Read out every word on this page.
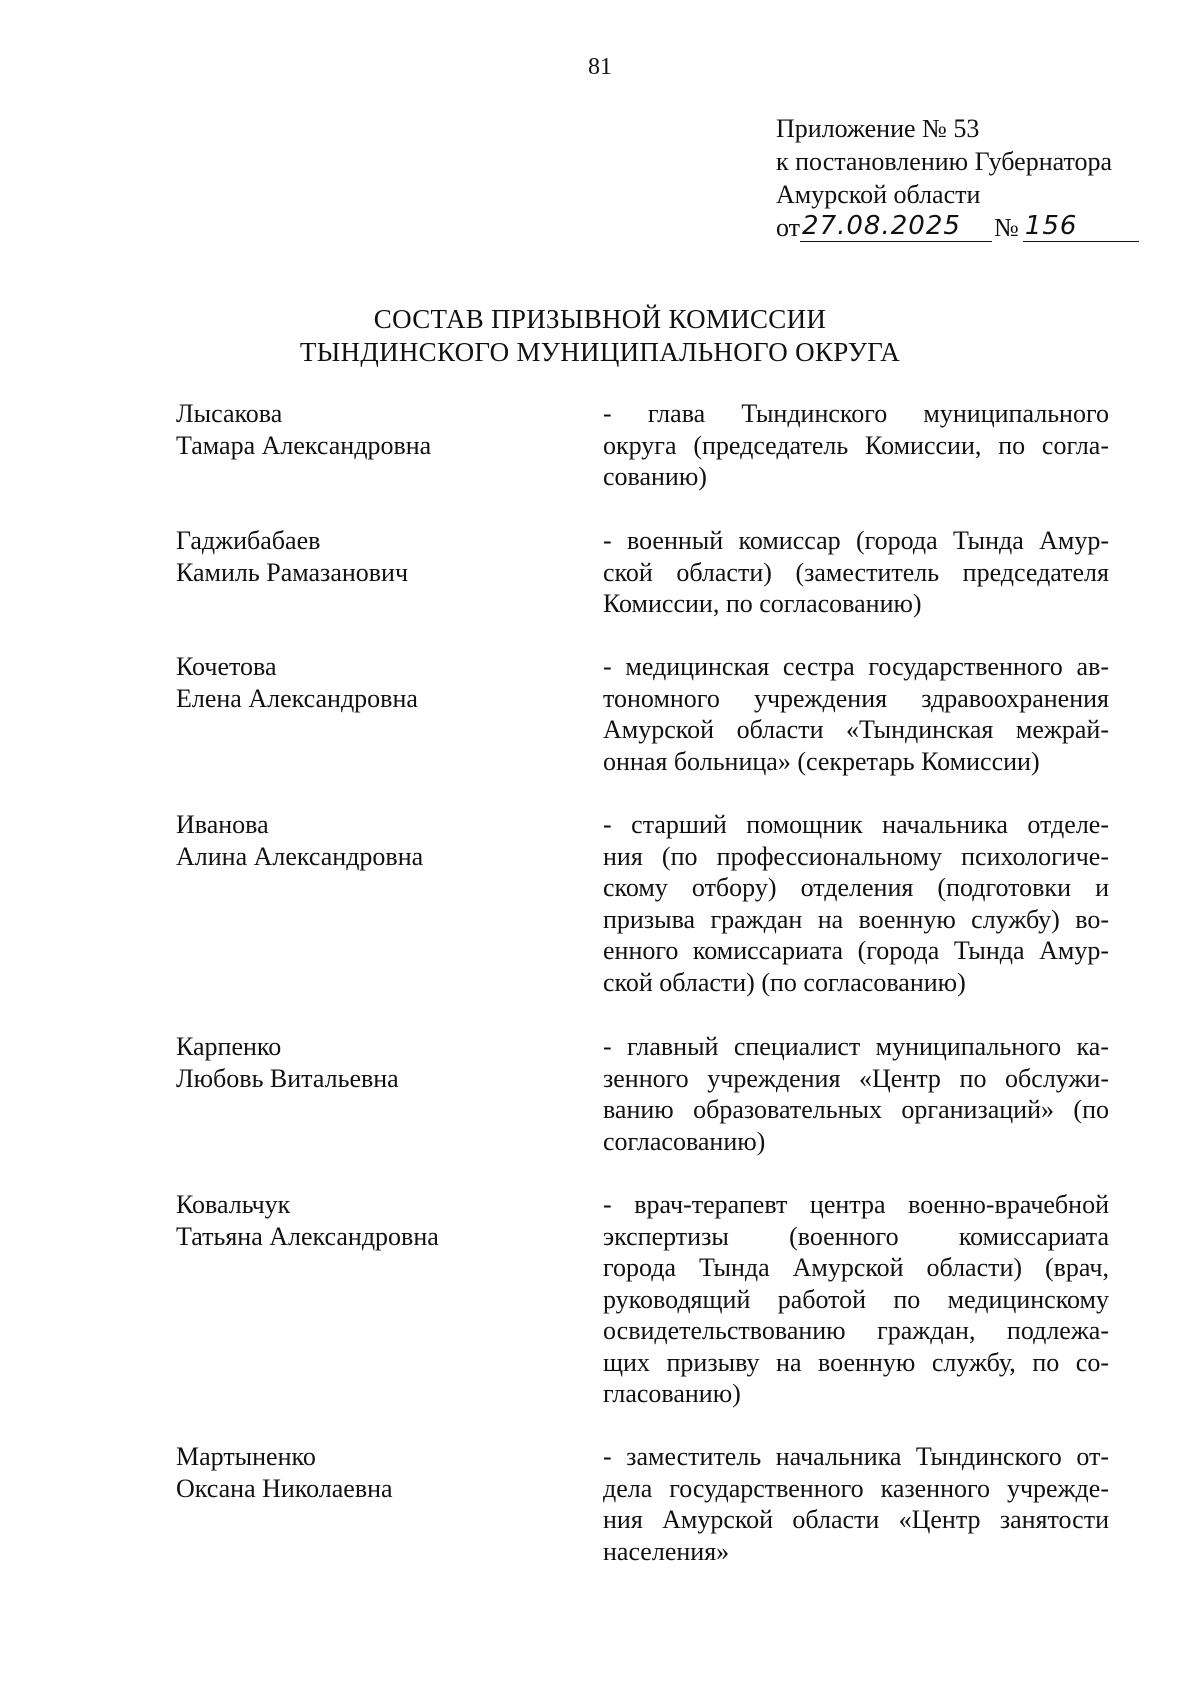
81
Приложение № 53
к постановлению Губернатора
Амурской области
от27.08.2025 № 156
СОСТАВ ПРИЗЫВНОЙ КОМИССИИ
ТЫНДИНСКОГО МУНИЦИПАЛЬНОГО ОКРУГА
Лысакова
Тамара Александровна
- глава Тындинского муниципального
округа (председатель Комиссии, по согла-
сованию)
Гаджибабаев
Камиль Рамазанович
- военный комиссар (города Тында Амур-
ской области) (заместитель председателя
Комиссии, по согласованию)
Кочетова
Елена Александровна
- медицинская сестра государственного ав-
тономного учреждения здравоохранения
Амурской области «Тындинская межрай-
онная больница» (секретарь Комиссии)
Иванова
Алина Александровна
- старший помощник начальника отделе-
ния (по профессиональному психологиче-
скому отбору) отделения (подготовки и
призыва граждан на военную службу) во-
енного комиссариата (города Тында Амур-
ской области) (по согласованию)
Карпенко
Любовь Витальевна
- главный специалист муниципального ка-
зенного учреждения «Центр по обслужи-
ванию образовательных организаций» (по
согласованию)
Ковальчук
Татьяна Александровна
- врач-терапевт центра военно-врачебной
экспертизы (военного комиссариата
города Тында Амурской области) (врач,
руководящий работой по медицинскому
освидетельствованию граждан, подлежа-
щих призыву на военную службу, по со-
гласованию)
Мартыненко
Оксана Николаевна
- заместитель начальника Тындинского от-
дела государственного казенного учрежде-
ния Амурской области «Центр занятости
населения»
